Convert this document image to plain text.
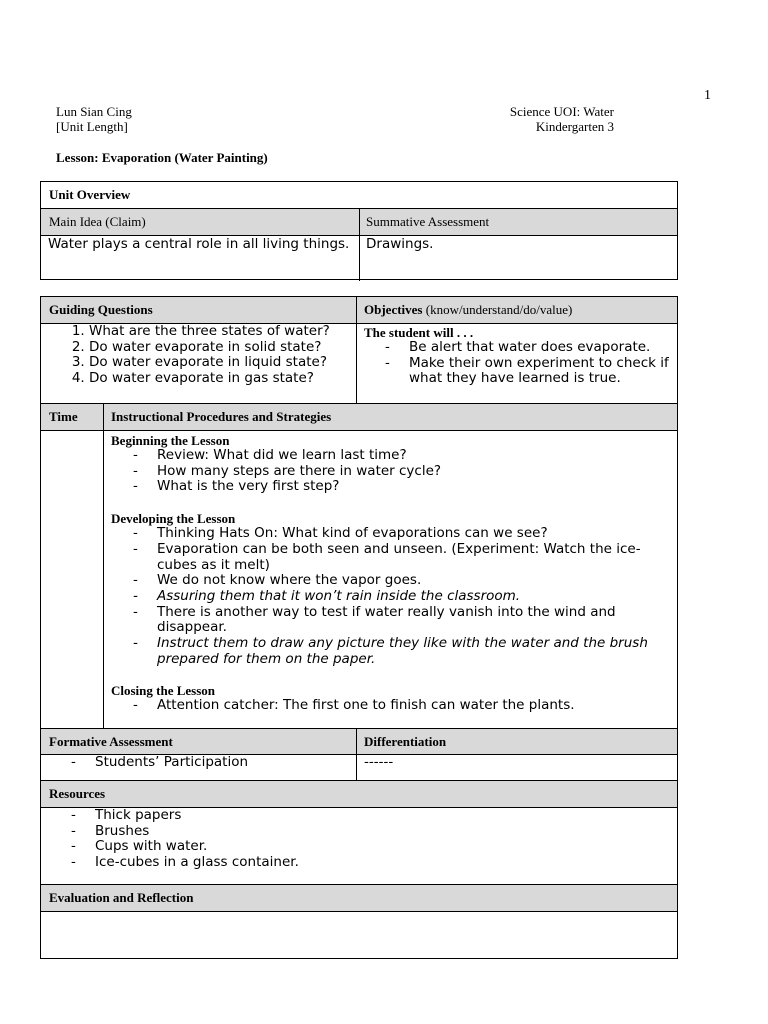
1
Lun Sian Cing
[Unit Length]
Science UOI: Water
Kindergarten 3
Lesson: Evaporation (Water Painting)
Unit Overview
Main Idea (Claim)	Summative Assessment
Water plays a central role in all living things.	Drawings.
Guiding Questions	Objectives (know/understand/do/value)
1. What are the three states of water?
2. Do water evaporate in solid state?
3. Do water evaporate in liquid state?
4. Do water evaporate in gas state?
The student will . . .
- Be alert that water does evaporate.
- Make their own experiment to check if what they have learned is true.
Time	Instructional Procedures and Strategies
Beginning the Lesson
- Review: What did we learn last time?
- How many steps are there in water cycle?
- What is the very first step?
Developing the Lesson
- Thinking Hats On: What kind of evaporations can we see?
- Evaporation can be both seen and unseen. (Experiment: Watch the ice-cubes as it melt)
- We do not know where the vapor goes.
- Assuring them that it won’t rain inside the classroom.
- There is another way to test if water really vanish into the wind and disappear.
- Instruct them to draw any picture they like with the water and the brush prepared for them on the paper.
Closing the Lesson
- Attention catcher: The first one to finish can water the plants.
Formative Assessment	Differentiation
- Students’ Participation	------
Resources
- Thick papers
- Brushes
- Cups with water.
- Ice-cubes in a glass container.
Evaluation and Reflection
